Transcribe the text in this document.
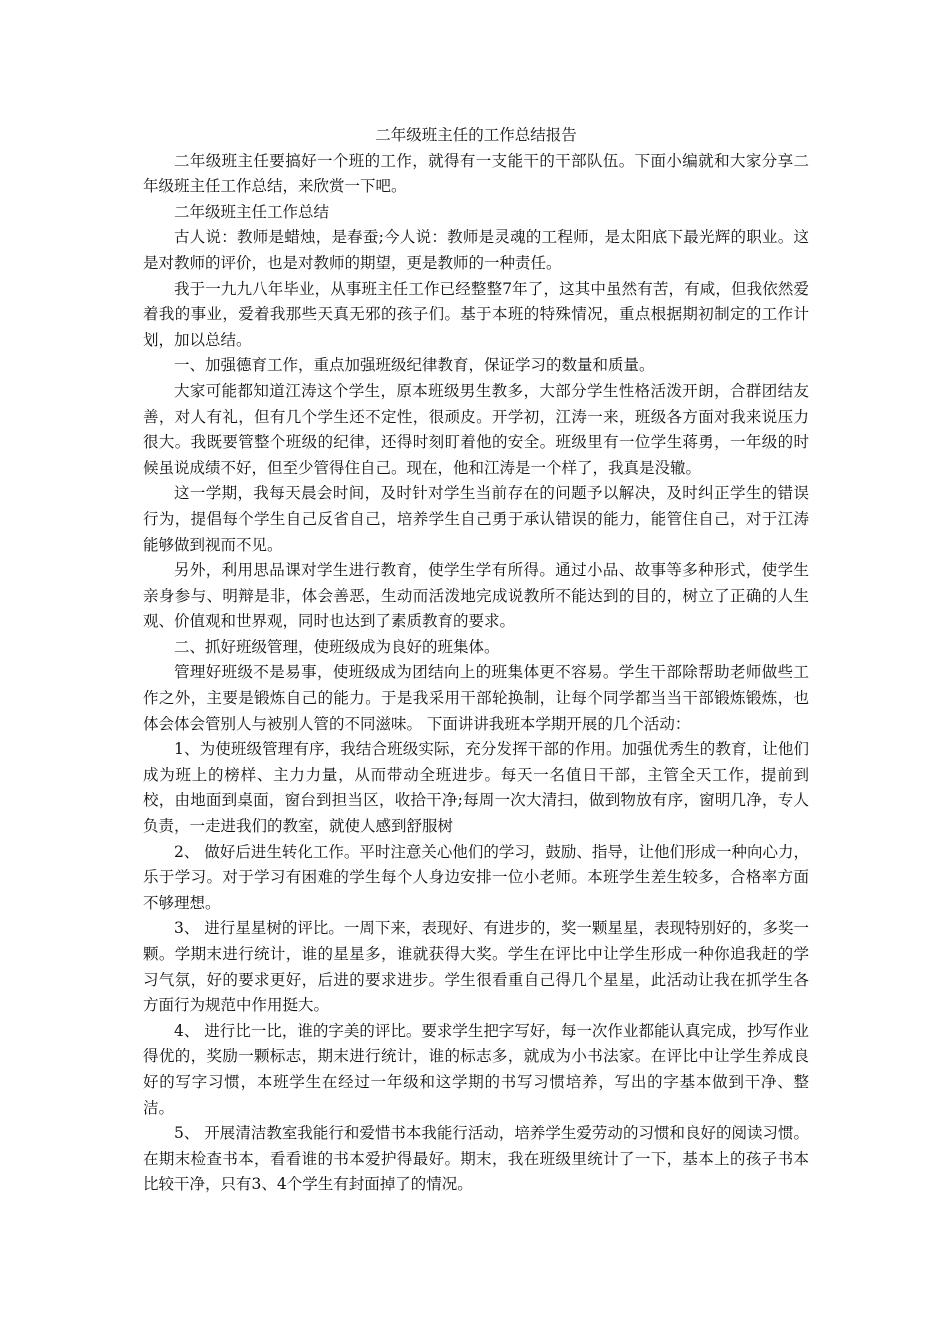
二年级班主任的工作总结报告

二年级班主任要搞好一个班的工作，就得有一支能干的干部队伍。下面小编就和大家分享二年级班主任工作总结，来欣赏一下吧。

二年级班主任工作总结

古人说：教师是蜡烛，是春蚕;今人说：教师是灵魂的工程师，是太阳底下最光辉的职业。这是对教师的评价，也是对教师的期望，更是教师的一种责任。

我于一九九八年毕业，从事班主任工作已经整整7年了，这其中虽然有苦，有咸，但我依然爱着我的事业，爱着我那些天真无邪的孩子们。基于本班的特殊情况，重点根据期初制定的工作计划，加以总结。

一、加强德育工作，重点加强班级纪律教育，保证学习的数量和质量。

大家可能都知道江涛这个学生，原本班级男生教多，大部分学生性格活泼开朗，合群团结友善，对人有礼，但有几个学生还不定性，很顽皮。开学初，江涛一来，班级各方面对我来说压力很大。我既要管整个班级的纪律，还得时刻盯着他的安全。班级里有一位学生蒋勇，一年级的时候虽说成绩不好，但至少管得住自己。现在，他和江涛是一个样了，我真是没辙。

这一学期，我每天晨会时间，及时针对学生当前存在的问题予以解决，及时纠正学生的错误行为，提倡每个学生自己反省自己，培养学生自己勇于承认错误的能力，能管住自己，对于江涛能够做到视而不见。

另外，利用思品课对学生进行教育，使学生学有所得。通过小品、故事等多种形式，使学生亲身参与、明辩是非，体会善恶，生动而活泼地完成说教所不能达到的目的，树立了正确的人生观、价值观和世界观，同时也达到了素质教育的要求。

二、抓好班级管理，使班级成为良好的班集体。

管理好班级不是易事，使班级成为团结向上的班集体更不容易。学生干部除帮助老师做些工作之外，主要是锻炼自己的能力。于是我采用干部轮换制，让每个同学都当当干部锻炼锻炼，也体会体会管别人与被别人管的不同滋味。 下面讲讲我班本学期开展的几个活动：

1、为使班级管理有序，我结合班级实际，充分发挥干部的作用。加强优秀生的教育，让他们成为班上的榜样、主力力量，从而带动全班进步。每天一名值日干部，主管全天工作，提前到校，由地面到桌面，窗台到担当区，收拾干净;每周一次大清扫，做到物放有序，窗明几净，专人负责，一走进我们的教室，就使人感到舒服树

2、 做好后进生转化工作。平时注意关心他们的学习，鼓励、指导，让他们形成一种向心力，乐于学习。对于学习有困难的学生每个人身边安排一位小老师。本班学生差生较多，合格率方面不够理想。

3、 进行星星树的评比。一周下来，表现好、有进步的，奖一颗星星，表现特别好的，多奖一颗。学期末进行统计，谁的星星多，谁就获得大奖。学生在评比中让学生形成一种你追我赶的学习气氛，好的要求更好，后进的要求进步。学生很看重自己得几个星星，此活动让我在抓学生各方面行为规范中作用挺大。

4、 进行比一比，谁的字美的评比。要求学生把字写好，每一次作业都能认真完成，抄写作业得优的，奖励一颗标志，期末进行统计，谁的标志多，就成为小书法家。在评比中让学生养成良好的写字习惯，本班学生在经过一年级和这学期的书写习惯培养，写出的字基本做到干净、整洁。

5、 开展清洁教室我能行和爱惜书本我能行活动，培养学生爱劳动的习惯和良好的阅读习惯。在期末检查书本，看看谁的书本爱护得最好。期末，我在班级里统计了一下，基本上的孩子书本比较干净，只有3、4个学生有封面掉了的情况。
